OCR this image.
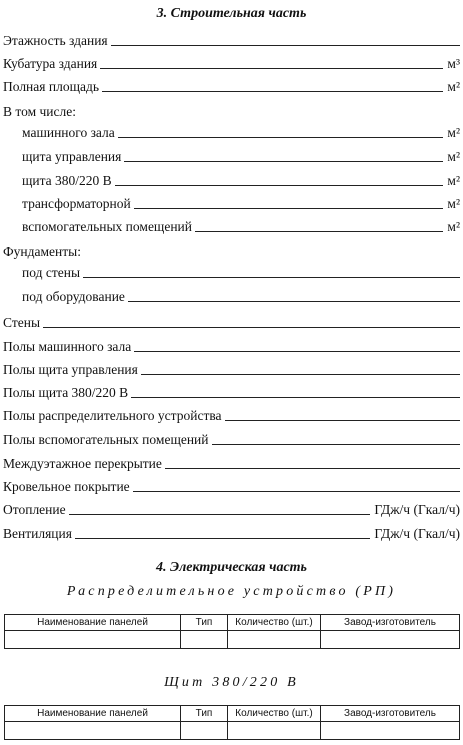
3. Строительная часть
Этажность здания
Кубатура здания	м³
Полная площадь	м²
В том числе:
машинного зала	м²
щита управления	м²
щита 380/220 В	м²
трансформаторной	м²
вспомогательных помещений	м²
Фундаменты:
под стены
под оборудование
Стены
Полы машинного зала
Полы щита управления
Полы щита 380/220 В
Полы распределительного устройства
Полы вспомогательных помещений
Междуэтажное перекрытие
Кровельное покрытие
Отопление	ГДж/ч (Гкал/ч)
Вентиляция	ГДж/ч (Гкал/ч)
4. Электрическая часть
Распределительное устройство (РП)
Наименование панелей	Тип	Количество (шт.)	Завод-изготовитель

Щит 380/220 В
Наименование панелей	Тип	Количество (шт.)	Завод-изготовитель
